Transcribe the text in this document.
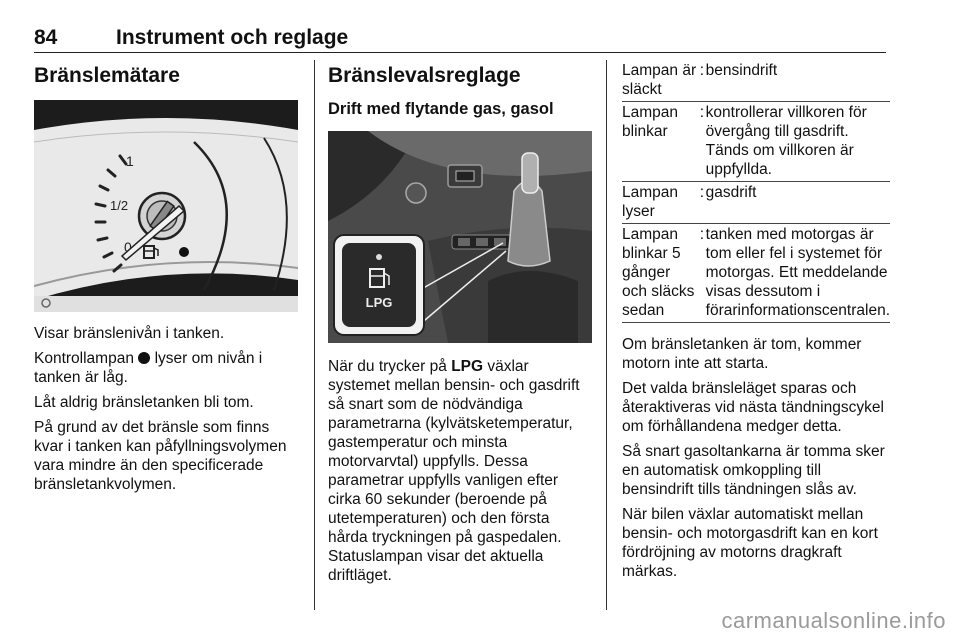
84	Instrument och reglage
Bränslemätare
1
1/2
0

Visar bränslenivån i tanken.

Kontrollampan  lyser om nivån i tanken är låg.

Låt aldrig bränsletanken bli tom.

På grund av det bränsle som finns kvar i tanken kan påfyllningsvolymen vara mindre än den specificerade bränsletankvolymen.

Bränslevalsreglage
Drift med flytande gas, gasol
LPG

När du trycker på LPG växlar systemet mellan bensin- och gasdrift så snart som de nödvändiga parametrarna (kylvätsketemperatur, gastemperatur och minsta motorvarvtal) uppfylls. Dessa parametrar uppfylls vanligen efter cirka 60 sekunder (beroende på utetemperaturen) och den första hårda tryckningen på gaspedalen. Statuslampan visar det aktuella driftläget.

Lampan är släckt	:	bensindrift
Lampan blinkar	:	kontrollerar villkoren för övergång till gasdrift. Tänds om villkoren är uppfyllda.
Lampan lyser	:	gasdrift
Lampan blinkar 5 gånger och släcks sedan	:	tanken med motorgas är tom eller fel i systemet för motorgas. Ett meddelande visas dessutom i förarinformationscentralen.

Om bränsletanken är tom, kommer motorn inte att starta.

Det valda bränsleläget sparas och återaktiveras vid nästa tändningscykel om förhållandena medger detta.

Så snart gasoltankarna är tomma sker en automatisk omkoppling till bensindrift tills tändningen slås av.

När bilen växlar automatiskt mellan bensin- och motorgasdrift kan en kort fördröjning av motorns dragkraft märkas.

carmanualsonline.info
